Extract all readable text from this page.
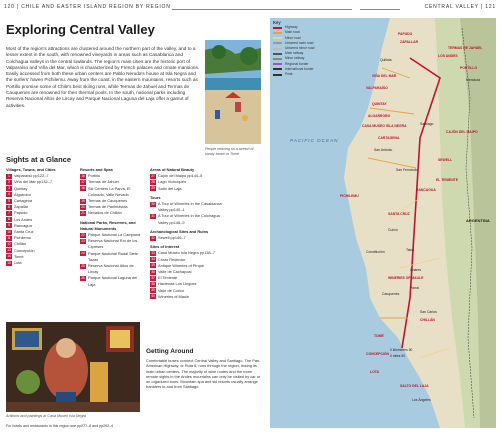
120 | CHILE AND EASTER ISLAND REGION BY REGION	CENTRAL VALLEY | 121
Exploring Central Valley

Most of the region's attractions are clustered around the northern part of the valley, and to a lesser extent in the south, with renowned vineyards in areas such as Casablanca and Colchagua valleys in the central lowlands. The region's main cities are the historic port of Valparaíso and Viña del Mar, which is characterized by French palaces and ornate mansions. Easily accessed from both these urban centers are Pablo Neruda's house at Isla Negra and the surfers' haven Pichilemu. Away from the coast, in the eastern mountains, resorts such as Portillo promise some of Chile's best skiing runs, while Termas de Jahuel and Termas de Cauquenes are renowned for their thermal pools. In the south, national parks including Reserva Nacional Altos de Lircay and Parque Nacional Laguna del Laja offer a gamut of activities.

People relaxing on a stretch of sandy beach in Tomé

Sights at a Glance
Villages, Towns, and Cities
1	Valparaíso pp122–7
2	Viña del Mar pp132–7
3	Quintay
4	Algarrobo
5	Cartagena
6	Zapallar
7	Papudo
8	Los Andes
9	Rancagua
10 Santa Cruz
11 Pichilemu
12 Chillán
13 Concepción
14 Tomé
15 Lota
Resorts and Spas
16 Portillo
17 Termas de Jahuel
18 Ski Centers La Parva, El Colorado, Valle Nevado
19 Termas de Cauquenes
20 Termas de Panimávida
21 Nevados de Chillán
National Parks, Reserves, and Natural Monuments
22 Parque Nacional La Campana
23 Reserva Nacional Río de los Cipreses
24 Parque Nacional Radal Siete Tazas
25 Reserva Nacional Altos de Lircay
26 Parque Nacional Laguna del Laja
Areas of Natural Beauty
27 Cajón del Maipo pp144–5
28 Lago Vichuquén
29 Salto del Laja
Tours
30 A Tour of Wineries in the Casablanca Valley pp140–1
31 A Tour of Wineries in the Colchagua Valley pp148–9
Archaeological Sites and Ruins
32 Sewell pp146–7
Sites of Interest
33 Casa Museo Isla Negra pp138–7
34 Cristo Redentor
35 Antique Wineries of Pirque
36 Valle de Cachapoal
37 El Teniente
38 Hacienda Los Lingues
39 Valle de Curicó
40 Wineries of Maule

Artifacts and paintings at Casa Museo Isla Negra

Getting Around

Comfortable buses connect Central Valley and Santiago. The Pan-American Highway, or Ruta 5, runs through the region, linking its main urban centers. The majority of wine routes and the more remote sights in the Andes mountains can only be visited by car or on organized tours. Mountain spa and ski resorts usually arrange transfers to and from Santiago.

For hotels and restaurants in this region see pp277–8 and pp292–4
Key
Highway
Main road
Minor road
Untarred main road
Untarred minor road
Main railway
Minor railway
Regional border
International border
Peak
PACIFIC OCEAN
PAPUDO
ZAPALLAR
LOS ANDES
PORTILLO
TERMAS DE JAHUEL
VIÑA DEL MAR
VALPARAÍSO
QUINTAY
ALGARROBO
CASA MUSEO ISLA NEGRA
CARTAGENA
RANCAGUA
PICHILEMU
SANTA CRUZ
WINERIES OF MAULE
CHILLÁN
TOMÉ
CONCEPCIÓN
LOTA
SALTO DEL LAJA
SEWELL
EL TENIENTE
CAJÓN DEL MAIPO
Santiago
Talca
Curicó
Linares
Cauquenes
Constitución
Los Ángeles
San Fernando
Quillota
San Antonio
Mendoza
ARGENTINA
Parral
San Carlos
0 kilometers 50
0 miles 50
